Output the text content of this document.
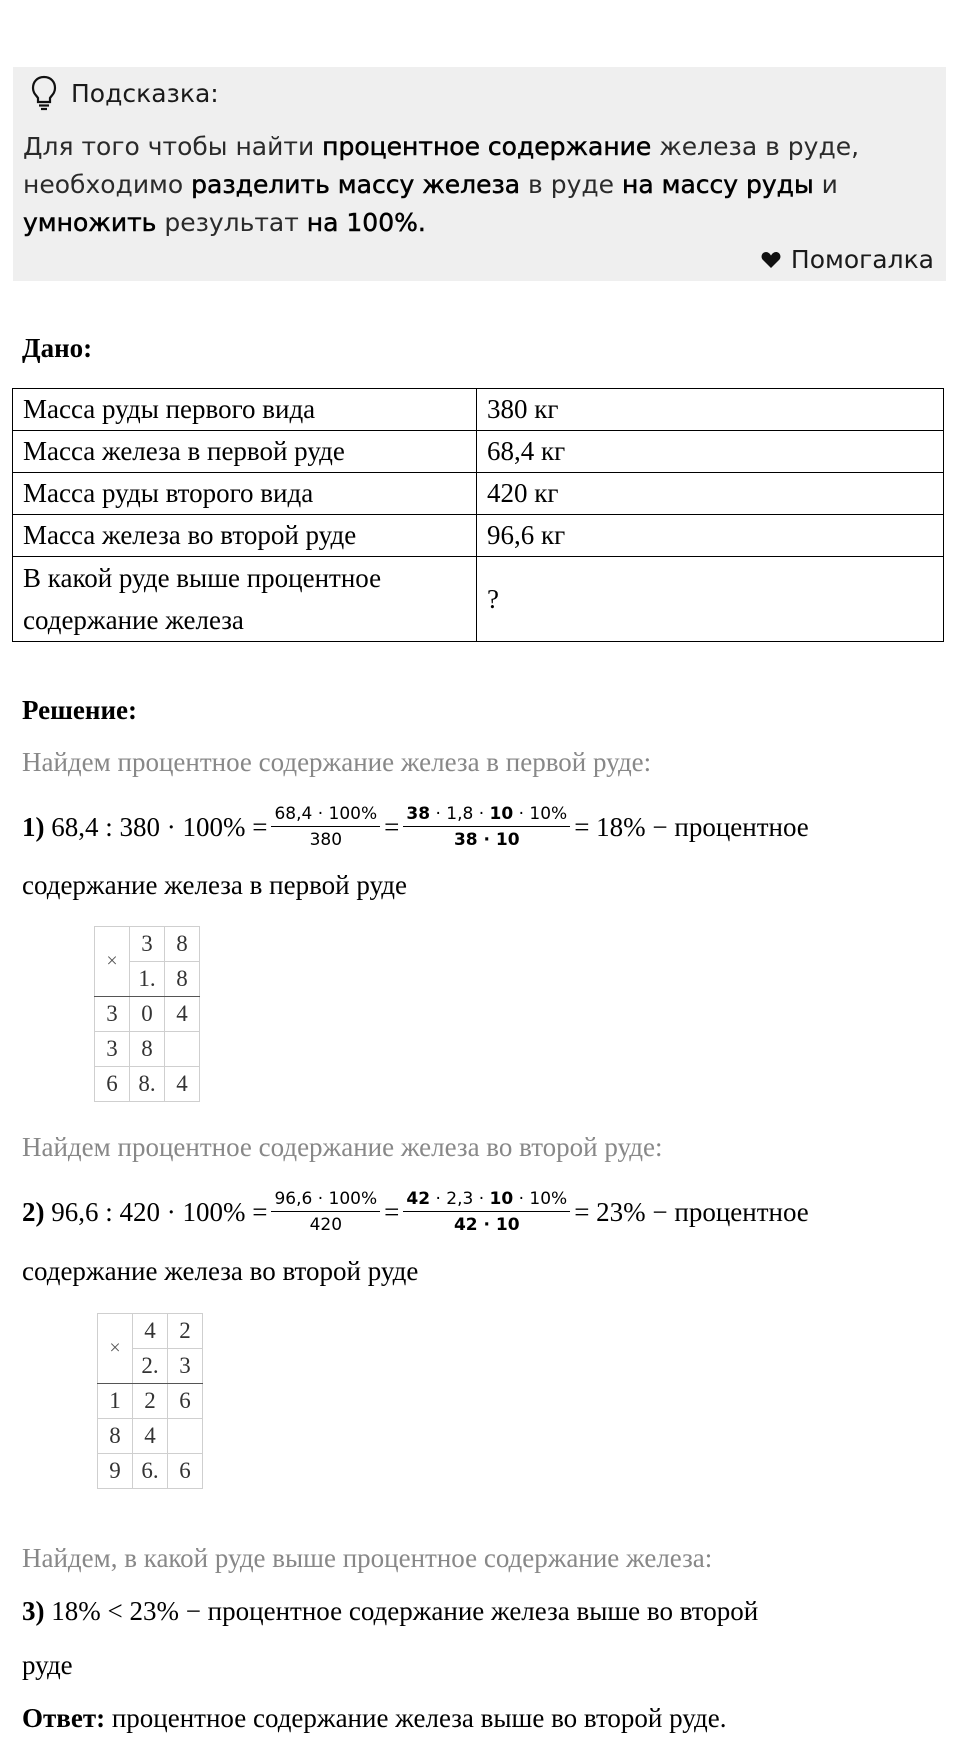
Подсказка:
Для того чтобы найти процентное содержание железа в руде, необходимо разделить массу железа в руде на массу руды и
умножить результат на 100%.
Помогалка
Дано:
Масса руды первого вида	380 кг
Масса железа в первой руде	68,4 кг
Масса руды второго вида	420 кг
Масса железа во второй руде	96,6 кг
В какой руде выше процентное
содержание железа	?
Решение:
Найдем процентное содержание железа в первой руде:
1)
68,4 : $380 \cdot 100\% = \frac{68,4 \cdot 100\%}{380} = \frac{38 \cdot 1,8 \cdot 10 \cdot 10\%}{38 \cdot 10} = 18\%$ − процентное
содержание железа в первой руде
×	3	8
	1.	8
3	0	4
3	8	
6	8.	4
Найдем процентное содержание железа во второй руде:
2)
96,6 : $420 \cdot 100\% = \frac{96,6 \cdot 100\%}{420} = \frac{42 \cdot 2,3 \cdot 10 \cdot 10\%}{42 \cdot 10} = 23\%$ − процентное
содержание железа во второй руде
×	4	2
	2.	3
1	2	6
8	4	
9	6.	6
Найдем, в какой руде выше процентное содержание железа:
3)
18% < 23% − процентное содержание железа выше во второй
руде
Ответ:
процентное содержание железа выше во второй руде.
